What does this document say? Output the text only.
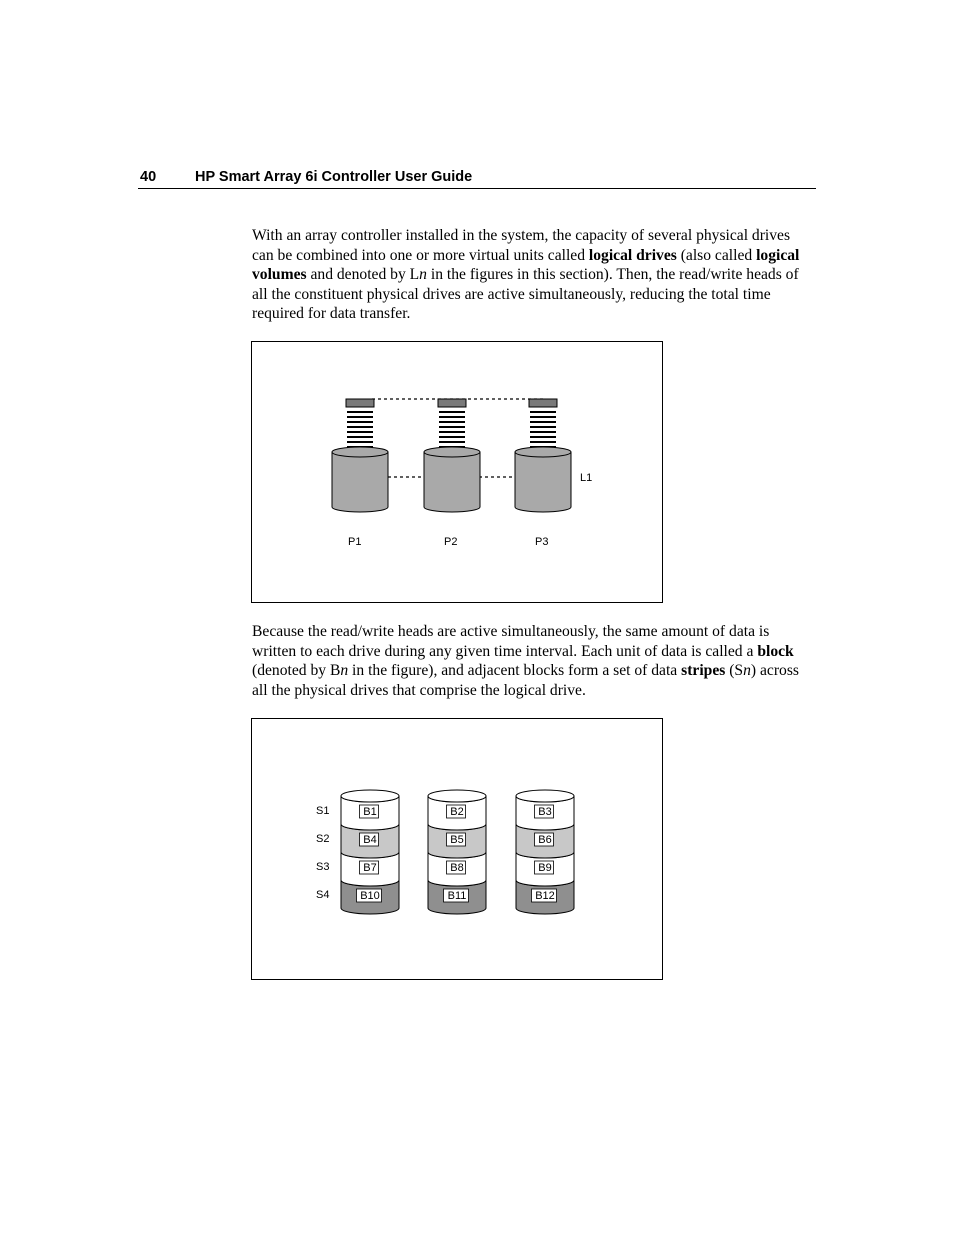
40	HP Smart Array 6i Controller User Guide
With an array controller installed in the system, the capacity of several physical drives can be combined into one or more virtual units called logical drives (also called logical volumes and denoted by Ln in the figures in this section). Then, the read/write heads of all the constituent physical drives are active simultaneously, reducing the total time required for data transfer.
L1
P1	P2	P3
Because the read/write heads are active simultaneously, the same amount of data is written to each drive during any given time interval. Each unit of data is called a block (denoted by Bn in the figure), and adjacent blocks form a set of data stripes (Sn) across all the physical drives that comprise the logical drive.
S1
S2
S3
S4
B1
B4
B7
B10
B2
B5
B8
B11
B3
B6
B9
B12
